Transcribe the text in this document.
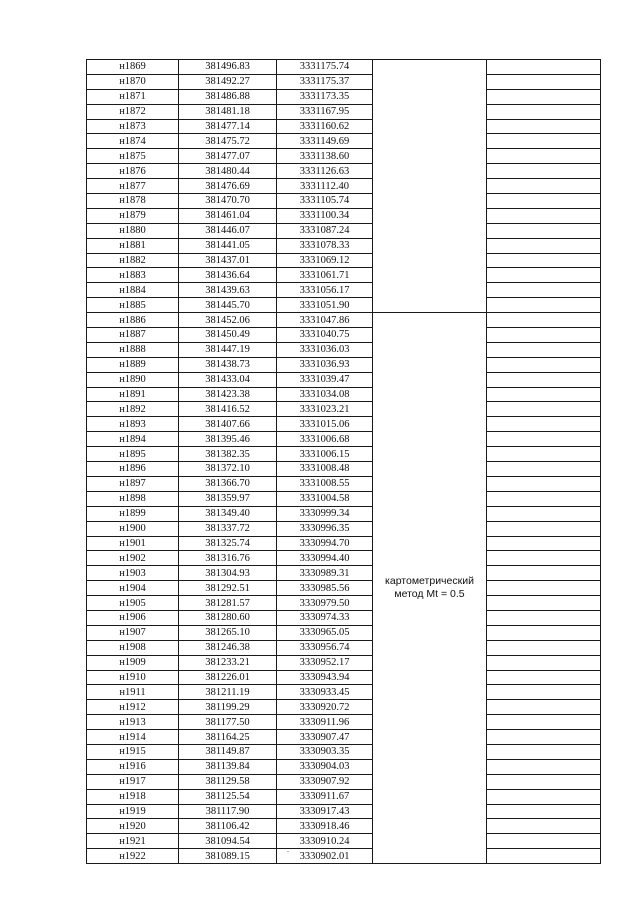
н1869	381496.83	3331175.74	

н1870	381492.27	3331175.37		
н1871	381486.88	3331173.35		
н1872	381481.18	3331167.95		
н1873	381477.14	3331160.62		
н1874	381475.72	3331149.69		
н1875	381477.07	3331138.60		
н1876	381480.44	3331126.63		
н1877	381476.69	3331112.40		
н1878	381470.70	3331105.74		
н1879	381461.04	3331100.34		
н1880	381446.07	3331087.24		
н1881	381441.05	3331078.33		
н1882	381437.01	3331069.12		
н1883	381436.64	3331061.71		
н1884	381439.63	3331056.17		
н1885	381445.70	3331051.90		
н1886	381452.06	3331047.86	картометрический
метод Mt = 0.5	

н1887	381450.49	3331040.75		
н1888	381447.19	3331036.03		
н1889	381438.73	3331036.93		
н1890	381433.04	3331039.47		
н1891	381423.38	3331034.08		
н1892	381416.52	3331023.21		
н1893	381407.66	3331015.06		
н1894	381395.46	3331006.68		
н1895	381382.35	3331006.15		
н1896	381372.10	3331008.48		
н1897	381366.70	3331008.55		
н1898	381359.97	3331004.58		
н1899	381349.40	3330999.34		
н1900	381337.72	3330996.35		
н1901	381325.74	3330994.70		
н1902	381316.76	3330994.40		
н1903	381304.93	3330989.31		
н1904	381292.51	3330985.56		
н1905	381281.57	3330979.50		
н1906	381280.60	3330974.33		
н1907	381265.10	3330965.05		
н1908	381246.38	3330956.74		
н1909	381233.21	3330952.17		
н1910	381226.01	3330943.94		
н1911	381211.19	3330933.45		
н1912	381199.29	3330920.72		
н1913	381177.50	3330911.96		
н1914	381164.25	3330907.47		
н1915	381149.87	3330903.35		
н1916	381139.84	3330904.03		
н1917	381129.58	3330907.92		
н1918	381125.54	3330911.67		
н1919	381117.90	3330917.43		
н1920	381106.42	3330918.46		
н1921	381094.54	3330910.24		
н1922	381089.15	3330902.01		
